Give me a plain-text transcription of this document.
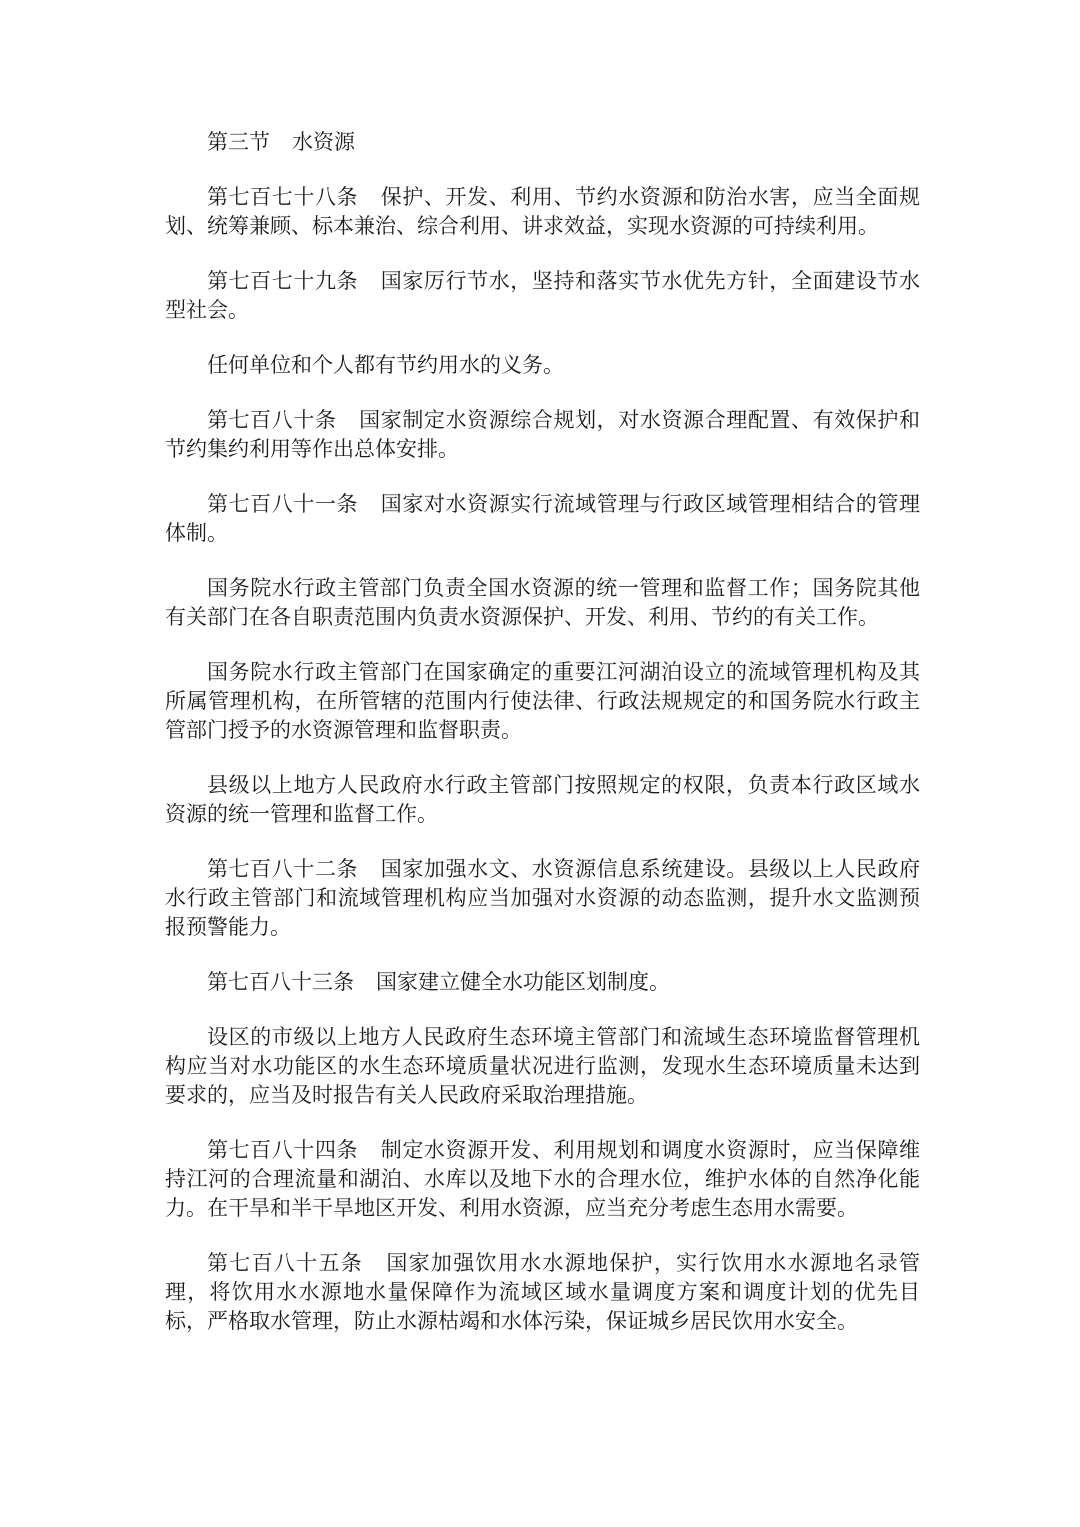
第三节 水资源

第七百七十八条 保护、开发、利用、节约水资源和防治水害，应当全面规划、统筹兼顾、标本兼治、综合利用、讲求效益，实现水资源的可持续利用。

第七百七十九条 国家厉行节水，坚持和落实节水优先方针，全面建设节水型社会。

任何单位和个人都有节约用水的义务。

第七百八十条 国家制定水资源综合规划，对水资源合理配置、有效保护和节约集约利用等作出总体安排。

第七百八十一条 国家对水资源实行流域管理与行政区域管理相结合的管理体制。

国务院水行政主管部门负责全国水资源的统一管理和监督工作；国务院其他有关部门在各自职责范围内负责水资源保护、开发、利用、节约的有关工作。

国务院水行政主管部门在国家确定的重要江河湖泊设立的流域管理机构及其所属管理机构，在所管辖的范围内行使法律、行政法规规定的和国务院水行政主管部门授予的水资源管理和监督职责。

县级以上地方人民政府水行政主管部门按照规定的权限，负责本行政区域水资源的统一管理和监督工作。

第七百八十二条 国家加强水文、水资源信息系统建设。县级以上人民政府水行政主管部门和流域管理机构应当加强对水资源的动态监测，提升水文监测预报预警能力。

第七百八十三条 国家建立健全水功能区划制度。

设区的市级以上地方人民政府生态环境主管部门和流域生态环境监督管理机构应当对水功能区的水生态环境质量状况进行监测，发现水生态环境质量未达到要求的，应当及时报告有关人民政府采取治理措施。

第七百八十四条 制定水资源开发、利用规划和调度水资源时，应当保障维持江河的合理流量和湖泊、水库以及地下水的合理水位，维护水体的自然净化能力。在干旱和半干旱地区开发、利用水资源，应当充分考虑生态用水需要。

第七百八十五条 国家加强饮用水水源地保护，实行饮用水水源地名录管理，将饮用水水源地水量保障作为流域区域水量调度方案和调度计划的优先目标，严格取水管理，防止水源枯竭和水体污染，保证城乡居民饮用水安全。
